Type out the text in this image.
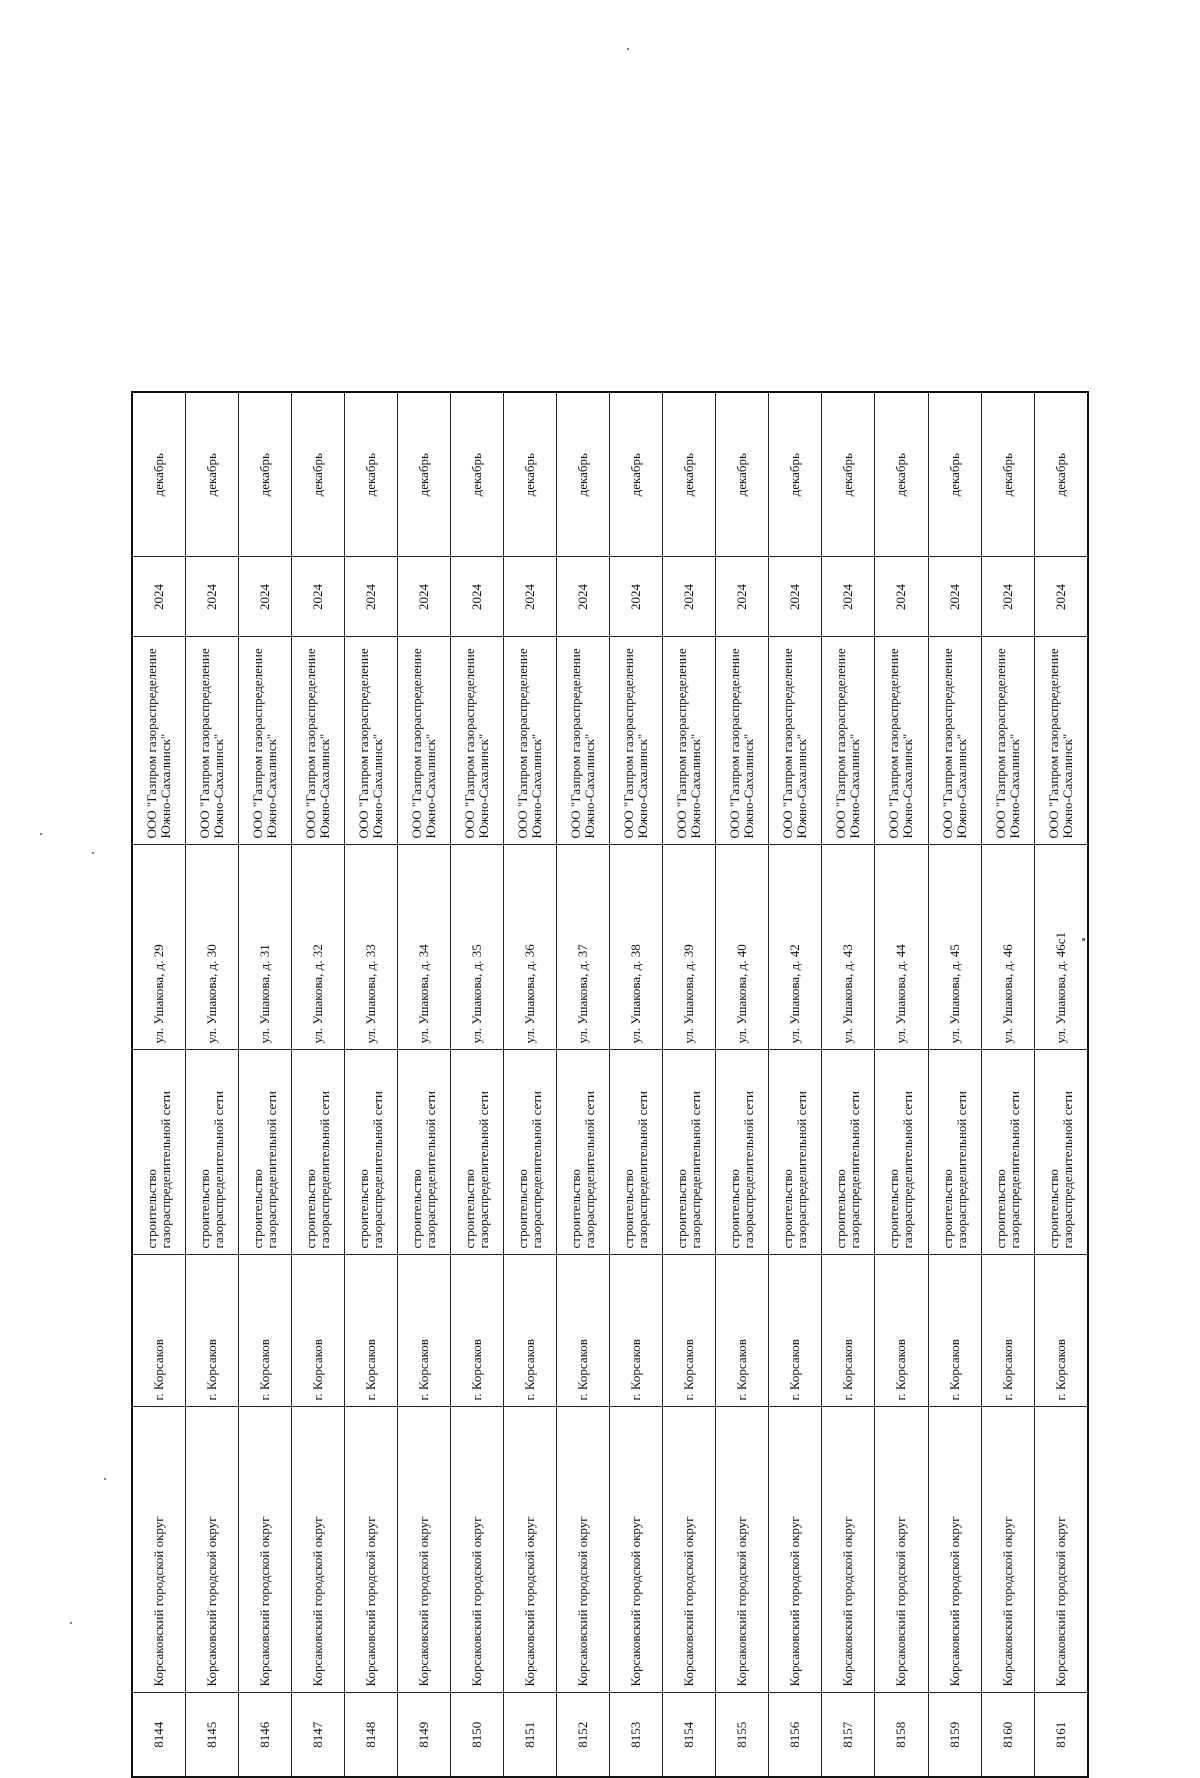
8144	Корсаковский городской округ	г. Корсаков	строительство газораспределительной сети	ул. Ушакова, д. 29	ООО "Газпром газораспределение Южно-Сахалинск"	2024	декабрь
8145	Корсаковский городской округ	г. Корсаков	строительство газораспределительной сети	ул. Ушакова, д. 30	ООО "Газпром газораспределение Южно-Сахалинск"	2024	декабрь
8146	Корсаковский городской округ	г. Корсаков	строительство газораспределительной сети	ул. Ушакова, д. 31	ООО "Газпром газораспределение Южно-Сахалинск"	2024	декабрь
8147	Корсаковский городской округ	г. Корсаков	строительство газораспределительной сети	ул. Ушакова, д. 32	ООО "Газпром газораспределение Южно-Сахалинск"	2024	декабрь
8148	Корсаковский городской округ	г. Корсаков	строительство газораспределительной сети	ул. Ушакова, д. 33	ООО "Газпром газораспределение Южно-Сахалинск"	2024	декабрь
8149	Корсаковский городской округ	г. Корсаков	строительство газораспределительной сети	ул. Ушакова, д. 34	ООО "Газпром газораспределение Южно-Сахалинск"	2024	декабрь
8150	Корсаковский городской округ	г. Корсаков	строительство газораспределительной сети	ул. Ушакова, д. 35	ООО "Газпром газораспределение Южно-Сахалинск"	2024	декабрь
8151	Корсаковский городской округ	г. Корсаков	строительство газораспределительной сети	ул. Ушакова, д. 36	ООО "Газпром газораспределение Южно-Сахалинск"	2024	декабрь
8152	Корсаковский городской округ	г. Корсаков	строительство газораспределительной сети	ул. Ушакова, д. 37	ООО "Газпром газораспределение Южно-Сахалинск"	2024	декабрь
8153	Корсаковский городской округ	г. Корсаков	строительство газораспределительной сети	ул. Ушакова, д. 38	ООО "Газпром газораспределение Южно-Сахалинск"	2024	декабрь
8154	Корсаковский городской округ	г. Корсаков	строительство газораспределительной сети	ул. Ушакова, д. 39	ООО "Газпром газораспределение Южно-Сахалинск"	2024	декабрь
8155	Корсаковский городской округ	г. Корсаков	строительство газораспределительной сети	ул. Ушакова, д. 40	ООО "Газпром газораспределение Южно-Сахалинск"	2024	декабрь
8156	Корсаковский городской округ	г. Корсаков	строительство газораспределительной сети	ул. Ушакова, д. 42	ООО "Газпром газораспределение Южно-Сахалинск"	2024	декабрь
8157	Корсаковский городской округ	г. Корсаков	строительство газораспределительной сети	ул. Ушакова, д. 43	ООО "Газпром газораспределение Южно-Сахалинск"	2024	декабрь
8158	Корсаковский городской округ	г. Корсаков	строительство газораспределительной сети	ул. Ушакова, д. 44	ООО "Газпром газораспределение Южно-Сахалинск"	2024	декабрь
8159	Корсаковский городской округ	г. Корсаков	строительство газораспределительной сети	ул. Ушакова, д. 45	ООО "Газпром газораспределение Южно-Сахалинск"	2024	декабрь
8160	Корсаковский городской округ	г. Корсаков	строительство газораспределительной сети	ул. Ушакова, д. 46	ООО "Газпром газораспределение Южно-Сахалинск"	2024	декабрь
8161	Корсаковский городской округ	г. Корсаков	строительство газораспределительной сети	ул. Ушакова, д. 46с1	ООО "Газпром газораспределение Южно-Сахалинск"	2024	декабрь
